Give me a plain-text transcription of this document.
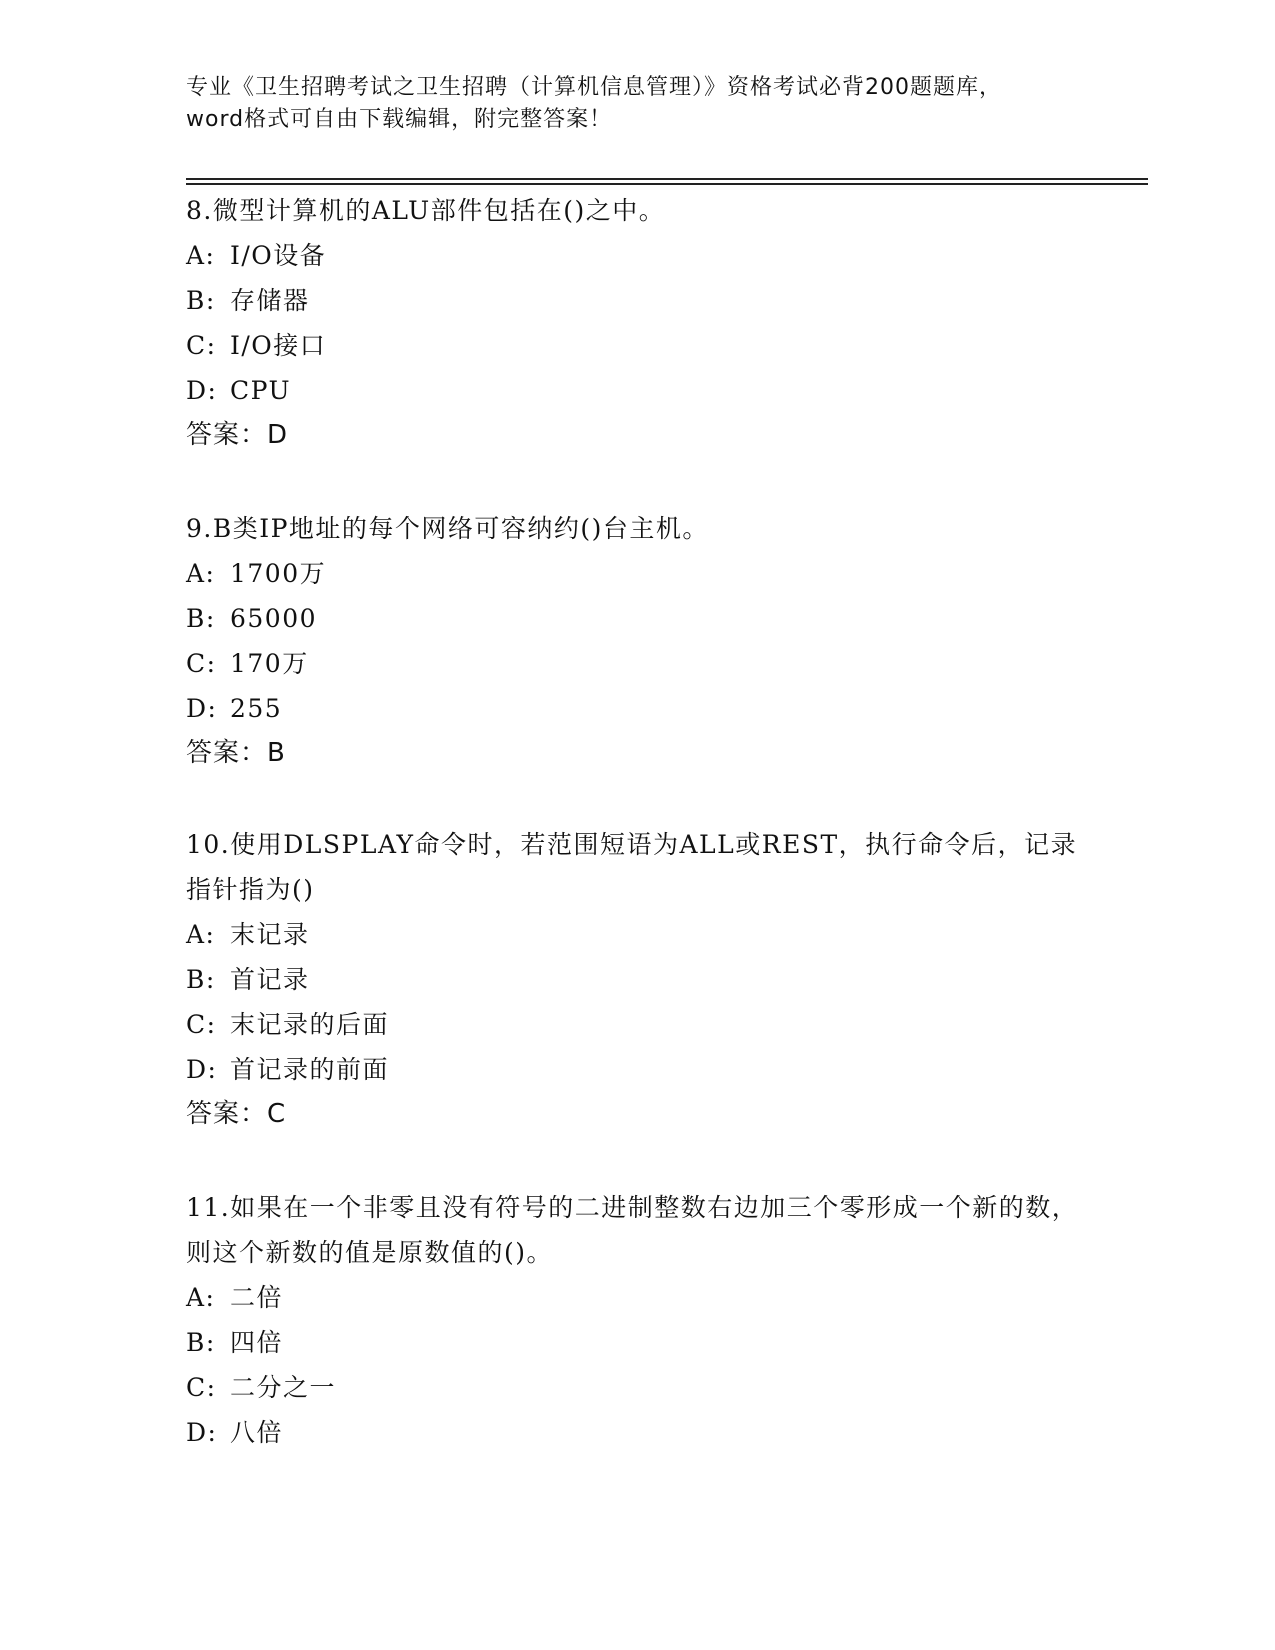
专业《卫生招聘考试之卫生招聘（计算机信息管理）》资格考试必背200题题库，
word格式可自由下载编辑，附完整答案！

8.微型计算机的ALU部件包括在()之中。

A: I/O设备
B: 存储器
C: I/O接口
D: CPU
答案：D

9.B类IP地址的每个网络可容纳约()台主机。

A: 1700万
B: 65000
C: 170万
D: 255
答案：B

10.使用DLSPLAY命令时，若范围短语为ALL或REST，执行命令后，记录指针指为()

A: 末记录
B: 首记录
C: 末记录的后面
D: 首记录的前面
答案：C

11.如果在一个非零且没有符号的二进制整数右边加三个零形成一个新的数，则这个新数的值是原数值的()。

A: 二倍
B: 四倍
C: 二分之一
D: 八倍
